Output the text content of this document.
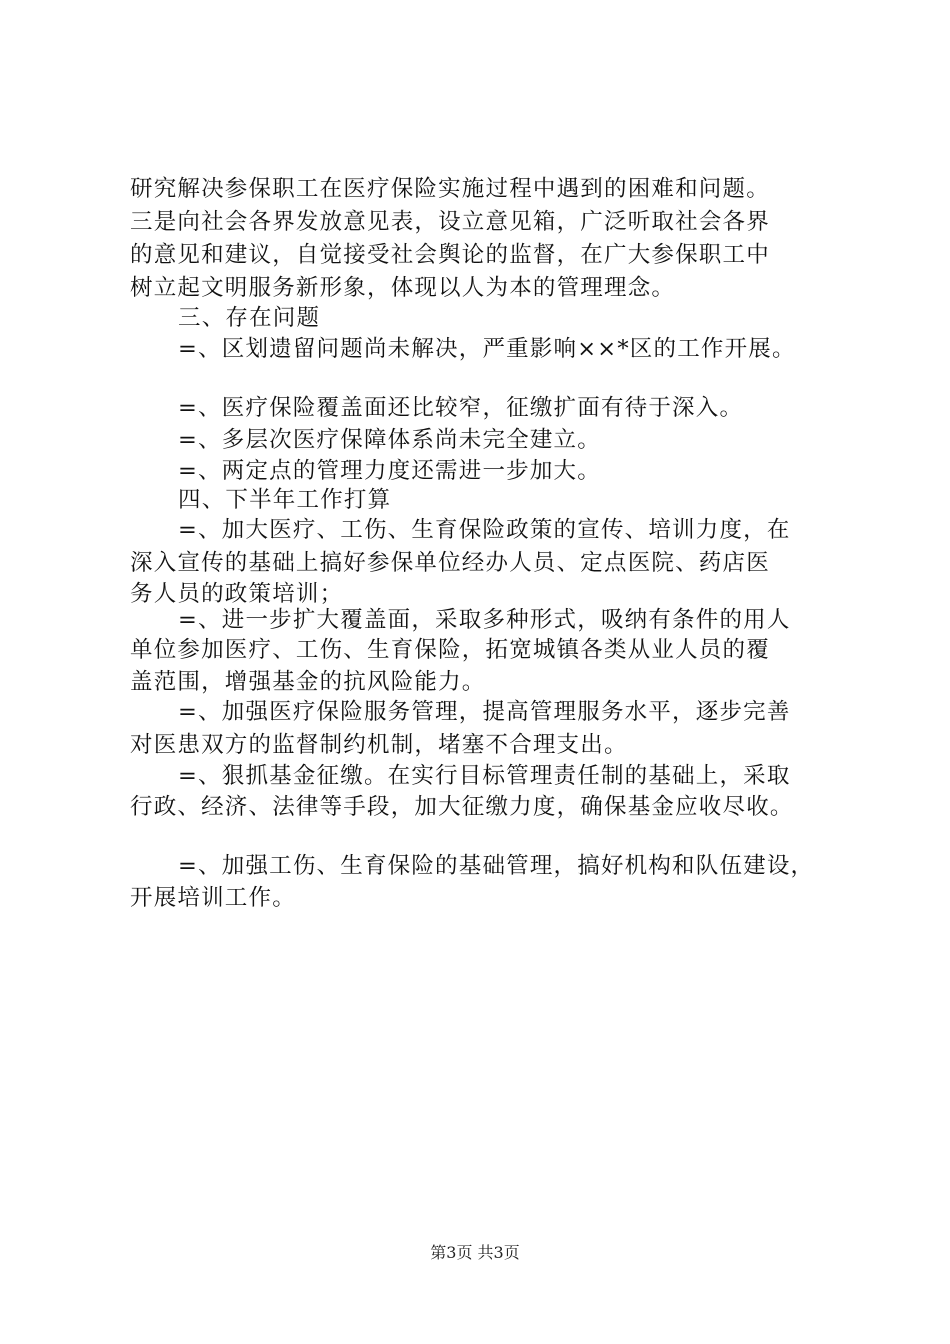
研究解决参保职工在医疗保险实施过程中遇到的困难和问题。
三是向社会各界发放意见表，设立意见箱，广泛听取社会各界
的意见和建议，自觉接受社会舆论的监督，在广大参保职工中
树立起文明服务新形象，体现以人为本的管理理念。
三、存在问题
=、区划遗留问题尚未解决，严重影响××*区的工作开展。
=、医疗保险覆盖面还比较窄，征缴扩面有待于深入。
=、多层次医疗保障体系尚未完全建立。
=、两定点的管理力度还需进一步加大。
四、下半年工作打算
=、加大医疗、工伤、生育保险政策的宣传、培训力度，在
深入宣传的基础上搞好参保单位经办人员、定点医院、药店医
务人员的政策培训；
=、进一步扩大覆盖面，采取多种形式，吸纳有条件的用人
单位参加医疗、工伤、生育保险，拓宽城镇各类从业人员的覆
盖范围，增强基金的抗风险能力。
=、加强医疗保险服务管理，提高管理服务水平，逐步完善
对医患双方的监督制约机制，堵塞不合理支出。
=、狠抓基金征缴。在实行目标管理责任制的基础上，采取
行政、经济、法律等手段，加大征缴力度，确保基金应收尽收。
=、加强工伤、生育保险的基础管理，搞好机构和队伍建设，
开展培训工作。
第3页 共3页
